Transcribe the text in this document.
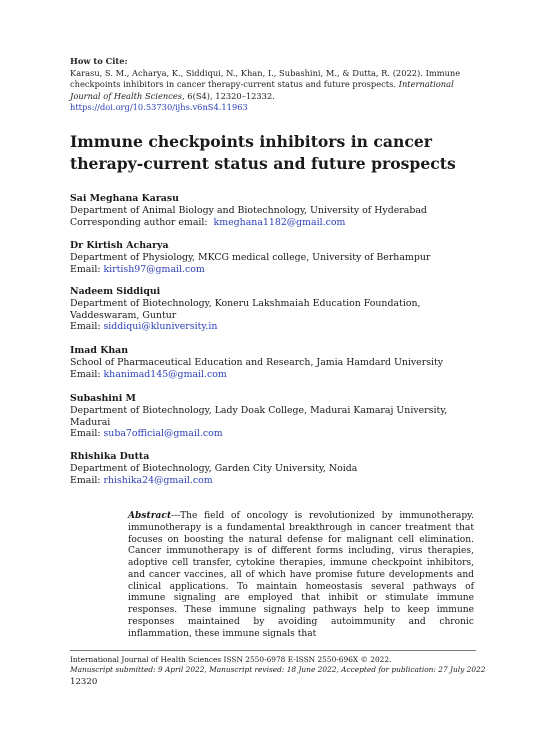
How to Cite:
Karasu, S. M., Acharya, K., Siddiqui, N., Khan, I., Subashini, M., & Dutta, R. (2022). Immune checkpoints inhibitors in cancer therapy-current status and future prospects. International Journal of Health Sciences, 6(S4), 12320–12332.
https://doi.org/10.53730/ijhs.v6nS4.11963
Immune checkpoints inhibitors in cancer therapy-current status and future prospects
Sai Meghana Karasu
Department of Animal Biology and Biotechnology, University of Hyderabad
Corresponding author email: kmeghana1182@gmail.com
Dr Kirtish Acharya
Department of Physiology, MKCG medical college, University of Berhampur
Email: kirtish97@gmail.com
Nadeem Siddiqui
Department of Biotechnology, Koneru Lakshmaiah Education Foundation, Vaddeswaram, Guntur
Email: siddiqui@kluniversity.in
Imad Khan
School of Pharmaceutical Education and Research, Jamia Hamdard University
Email: khanimad145@gmail.com
Subashini M
Department of Biotechnology, Lady Doak College, Madurai Kamaraj University, Madurai
Email: suba7official@gmail.com
Rhishika Dutta
Department of Biotechnology, Garden City University, Noida
Email: rhishika24@gmail.com

Abstract---The field of oncology is revolutionized by immunotherapy. immunotherapy is a fundamental breakthrough in cancer treatment that focuses on boosting the natural defense for malignant cell elimination. Cancer immunotherapy is of different forms including, virus therapies, adoptive cell transfer, cytokine therapies, immune checkpoint inhibitors, and cancer vaccines, all of which have promise future developments and clinical applications. To maintain homeostasis several pathways of immune signaling are employed that inhibit or stimulate immune responses. These immune signaling pathways help to keep immune responses maintained by avoiding autoimmunity and chronic inflammation, these immune signals that

International Journal of Health Sciences ISSN 2550-6978 E-ISSN 2550-696X © 2022.
Manuscript submitted: 9 April 2022, Manuscript revised: 18 June 2022, Accepted for publication: 27 July 2022
12320
